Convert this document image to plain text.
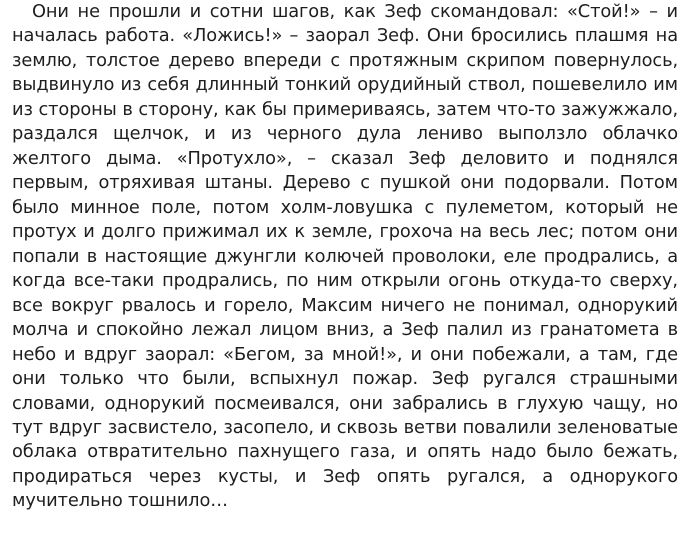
Они не прошли и сотни шагов, как Зеф скомандовал: «Стой!» – и началась работа. «Ложись!» – заорал Зеф. Они бросились плашмя на землю, толстое дерево впереди с протяжным скрипом повернулось, выдвинуло из себя длинный тонкий орудийный ствол, пошевелило им из стороны в сторону, как бы примериваясь, затем что-то зажужжало, раздался щелчок, и из черного дула лениво выползло облачко желтого дыма. «Протухло», – сказал Зеф деловито и поднялся первым, отряхивая штаны. Дерево с пушкой они подорвали. Потом было минное поле, потом холм-ловушка с пулеметом, который не протух и долго прижимал их к земле, грохоча на весь лес; потом они попали в настоящие джунгли колючей проволоки, еле продрались, а когда все-таки продрались, по ним открыли огонь откуда-то сверху, все вокруг рвалось и горело, Максим ничего не понимал, однорукий молча и спокойно лежал лицом вниз, а Зеф палил из гранатомета в небо и вдруг заорал: «Бегом, за мной!», и они побежали, а там, где они только что были, вспыхнул пожар. Зеф ругался страшными словами, однорукий посмеивался, они забрались в глухую чащу, но тут вдруг засвистело, засопело, и сквозь ветви повалили зеленоватые облака отвратительно пахнущего газа, и опять надо было бежать, продираться через кусты, и Зеф опять ругался, а однорукого мучительно тошнило…
